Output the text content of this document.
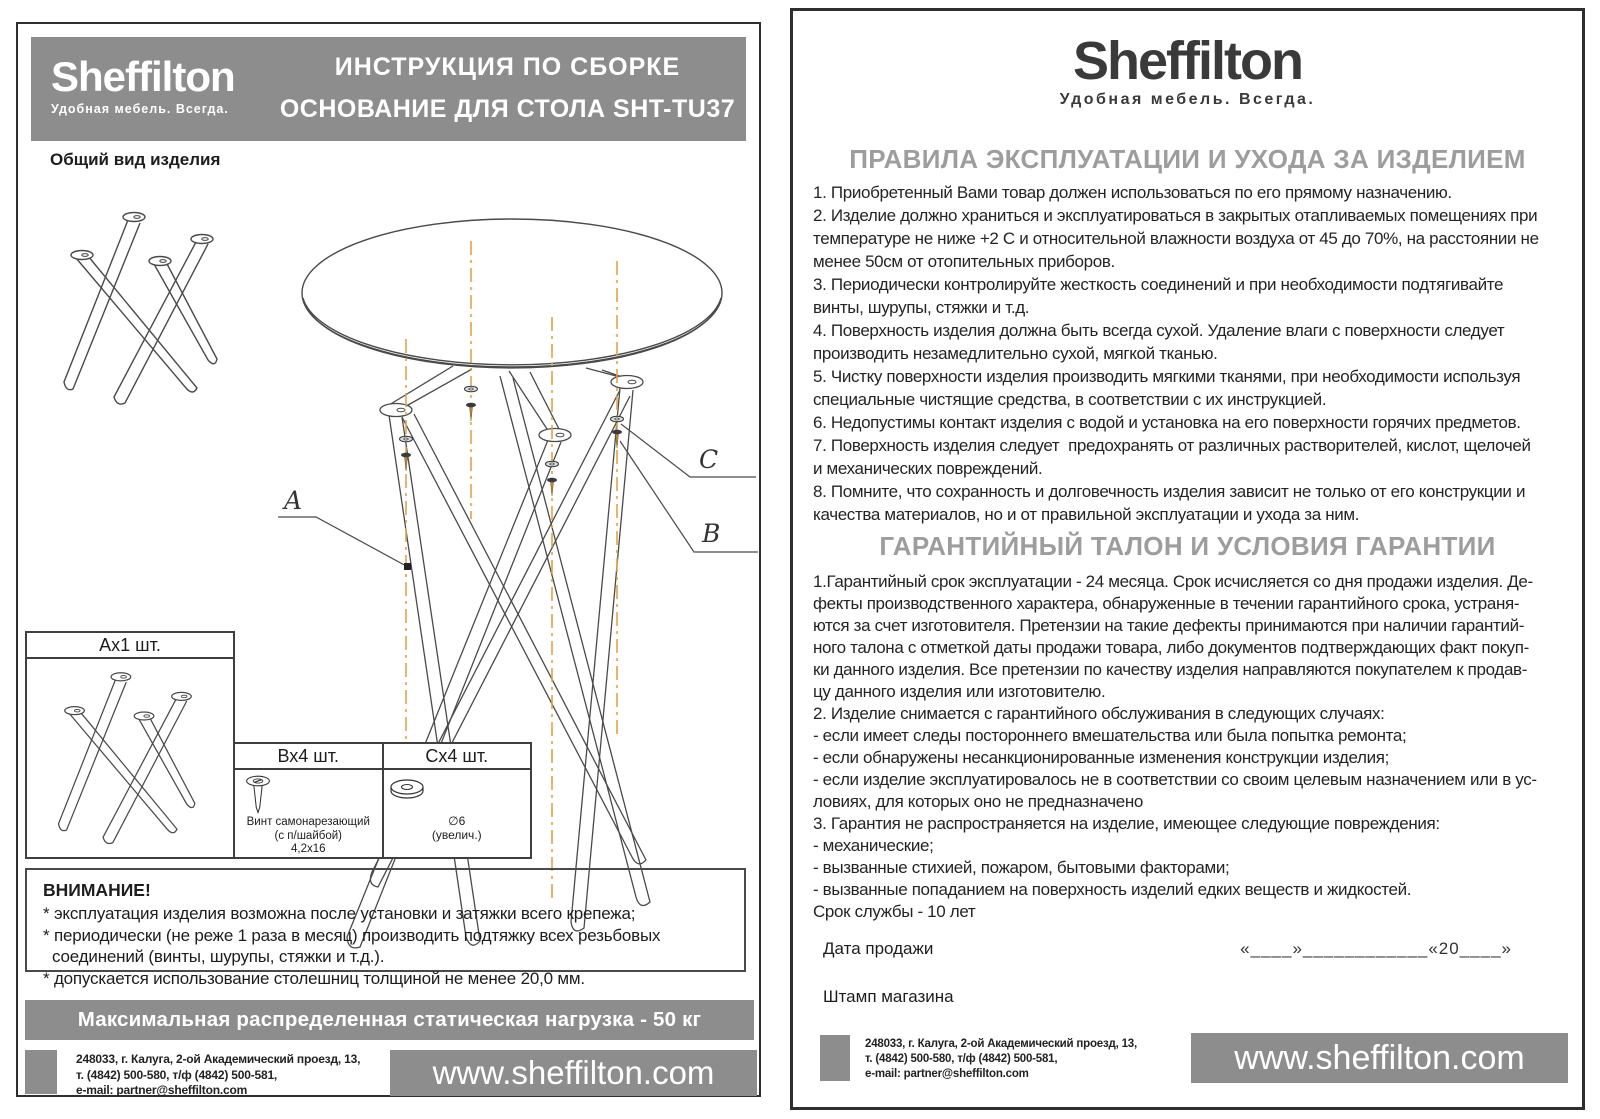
Sheffilton
Удобная мебель. Всегда.
ИНСТРУКЦИЯ ПО СБОРКЕ
ОСНОВАНИЕ ДЛЯ СТОЛА SHT-TU37
Общий вид изделия
A
C
B
Ах1 шт.
Вх4 шт.
Винт самонарезающий
(с п/шайбой)
4,2х16
Сх4 шт.
∅6
(увелич.)
ВНИМАНИЕ!
* эксплуатация изделия возможна после установки и затяжки всего крепежа;
* периодически (не реже 1 раза в месяц) производить подтяжку всех резьбовых
соединений (винты, шурупы, стяжки и т.д.).
* допускается использование столешниц толщиной не менее 20,0 мм.
Максимальная распределенная статическая нагрузка - 50 кг
248033, г. Калуга, 2-ой Академический проезд, 13,
т. (4842) 500-580, т/ф (4842) 500-581,
e-mail: partner@sheffilton.com	www.sheffilton.com
Sheffilton
Удобная мебель. Всегда.
ПРАВИЛА ЭКСПЛУАТАЦИИ И УХОДА ЗА ИЗДЕЛИЕМ
1. Приобретенный Вами товар должен использоваться по его прямому назначению.
2. Изделие должно храниться и эксплуатироваться в закрытых отапливаемых помещениях при
температуре не ниже +2 С и относительной влажности воздуха от 45 до 70%, на расстоянии не
менее 50см от отопительных приборов.
3. Периодически контролируйте жесткость соединений и при необходимости подтягивайте
винты, шурупы, стяжки и т.д.
4. Поверхность изделия должна быть всегда сухой. Удаление влаги с поверхности следует
производить незамедлительно сухой, мягкой тканью.
5. Чистку поверхности изделия производить мягкими тканями, при необходимости используя
специальные чистящие средства, в соответствии с их инструкцией.
6. Недопустимы контакт изделия с водой и установка на его поверхности горячих предметов.
7. Поверхность изделия следует  предохранять от различных растворителей, кислот, щелочей
и механических повреждений.
8. Помните, что сохранность и долговечность изделия зависит не только от его конструкции и
качества материалов, но и от правильной эксплуатации и ухода за ним.
ГАРАНТИЙНЫЙ ТАЛОН И УСЛОВИЯ ГАРАНТИИ
1.Гарантийный срок эксплуатации - 24 месяца. Срок исчисляется со дня продажи изделия. Де-
фекты производственного характера, обнаруженные в течении гарантийного срока, устраня-
ются за счет изготовителя. Претензии на такие дефекты принимаются при наличии гарантий-
ного талона с отметкой даты продажи товара, либо документов подтверждающих факт покуп-
ки данного изделия. Все претензии по качеству изделия направляются покупателем к продав-
цу данного изделия или изготовителю.
2. Изделие снимается с гарантийного обслуживания в следующих случаях:
- если имеет следы постороннего вмешательства или была попытка ремонта;
- если обнаружены несанкционированные изменения конструкции изделия;
- если изделие эксплуатировалось не в соответствии со своим целевым назначением или в ус-
ловиях, для которых оно не предназначено
3. Гарантия не распространяется на изделие, имеющее следующие повреждения:
- механические;
- вызванные стихией, пожаром, бытовыми факторами;
- вызванные попаданием на поверхность изделий едких веществ и жидкостей.
Срок службы - 10 лет
Дата продажи	«____»____________«20____»
Штамп магазина
248033, г. Калуга, 2-ой Академический проезд, 13,
т. (4842) 500-580, т/ф (4842) 500-581,
e-mail: partner@sheffilton.com	www.sheffilton.com
